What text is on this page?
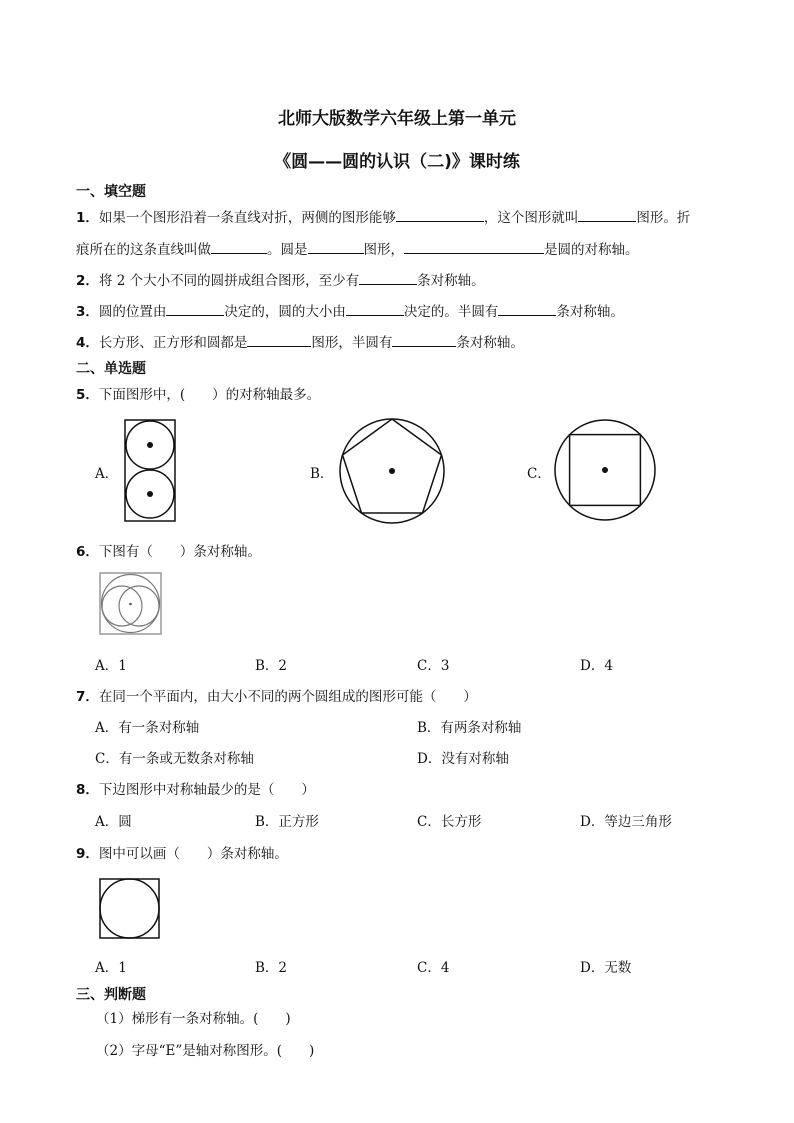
北师大版数学六年级上第一单元
《圆——圆的认识（二)》课时练
一、填空题
1．如果一个图形沿着一条直线对折，两侧的图形能够	，这个图形就叫	图形。折
痕所在的这条直线叫做	。圆是	图形，	是圆的对称轴。
2．将 2 个大小不同的圆拼成组合图形，至少有	条对称轴。
3．圆的位置由	决定的，圆的大小由	决定的。半圆有	条对称轴。
4．长方形、正方形和圆都是	图形，半圆有	条对称轴。
二、单选题
5．下面图形中，(　　）的对称轴最多。
A．	B．	C．
6．下图有（　　）条对称轴。
A．1	B．2	C．3	D．4
7．在同一个平面内，由大小不同的两个圆组成的图形可能（　　）
A．有一条对称轴	B．有两条对称轴
C．有一条或无数条对称轴	D．没有对称轴
8．下边图形中对称轴最少的是（　　）
A．圆	B．正方形	C．长方形	D．等边三角形
9．图中可以画（　　）条对称轴。
A．1	B．2	C．4	D．无数
三、判断题
（1）梯形有一条对称轴。(　　)
（2）字母“E”是轴对称图形。(　　)
